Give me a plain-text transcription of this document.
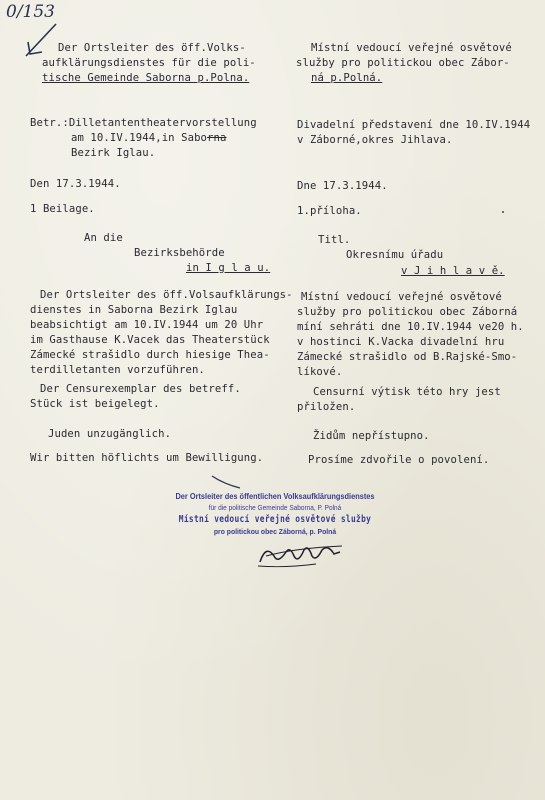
0/153
Der Ortsleiter des öff.Volks-
aufklärungsdienstes für die poli-
tische Gemeinde Saborna p.Polna.
Betr.:Dilletantentheatervorstellung
am 10.IV.1944,in Saborna
Bezirk Iglau.
Den 17.3.1944.
1 Beilage.
An die
Bezirksbehörde
in I g l a u.
Der Ortsleiter des öff.Volsaufklärungs-
dienstes in Saborna Bezirk Iglau
beabsichtigt am 10.IV.1944 um 20 Uhr
im Gasthause K.Vacek das Theaterstück
Zámecké strašidlo durch hiesige Thea-
terdilletanten vorzuführen.
Der Censurexemplar des betreff.
Stück ist beigelegt.
Juden unzugänglich.
Wir bitten höflichts um Bewilligung.
Místní vedoucí veřejné osvětové
služby pro politickou obec Zábor-
ná p.Polná.
Divadelní představení dne 10.IV.1944
v Záborné,okres Jihlava.
Dne 17.3.1944.
1.příloha.
Titl.
Okresnímu úřadu
v J i h l a v ě.
Místní vedoucí veřejné osvětové
služby pro politickou obec Záborná
míní sehráti dne 10.IV.1944 ve20 h.
v hostinci K.Vacka divadelní hru
Zámecké strašidlo od B.Rajské-Smo-
líkové.
Censurní výtisk této hry jest
přiložen.
Židům nepřístupno.
Prosíme zdvořile o povolení.
Der Ortsleiter des öffentlichen Volksaufklärungsdienstes
für die politische Gemeinde Saborna, P. Polná
Místní vedoucí veřejné osvětové služby
pro politickou obec Záborná, p. Polná
